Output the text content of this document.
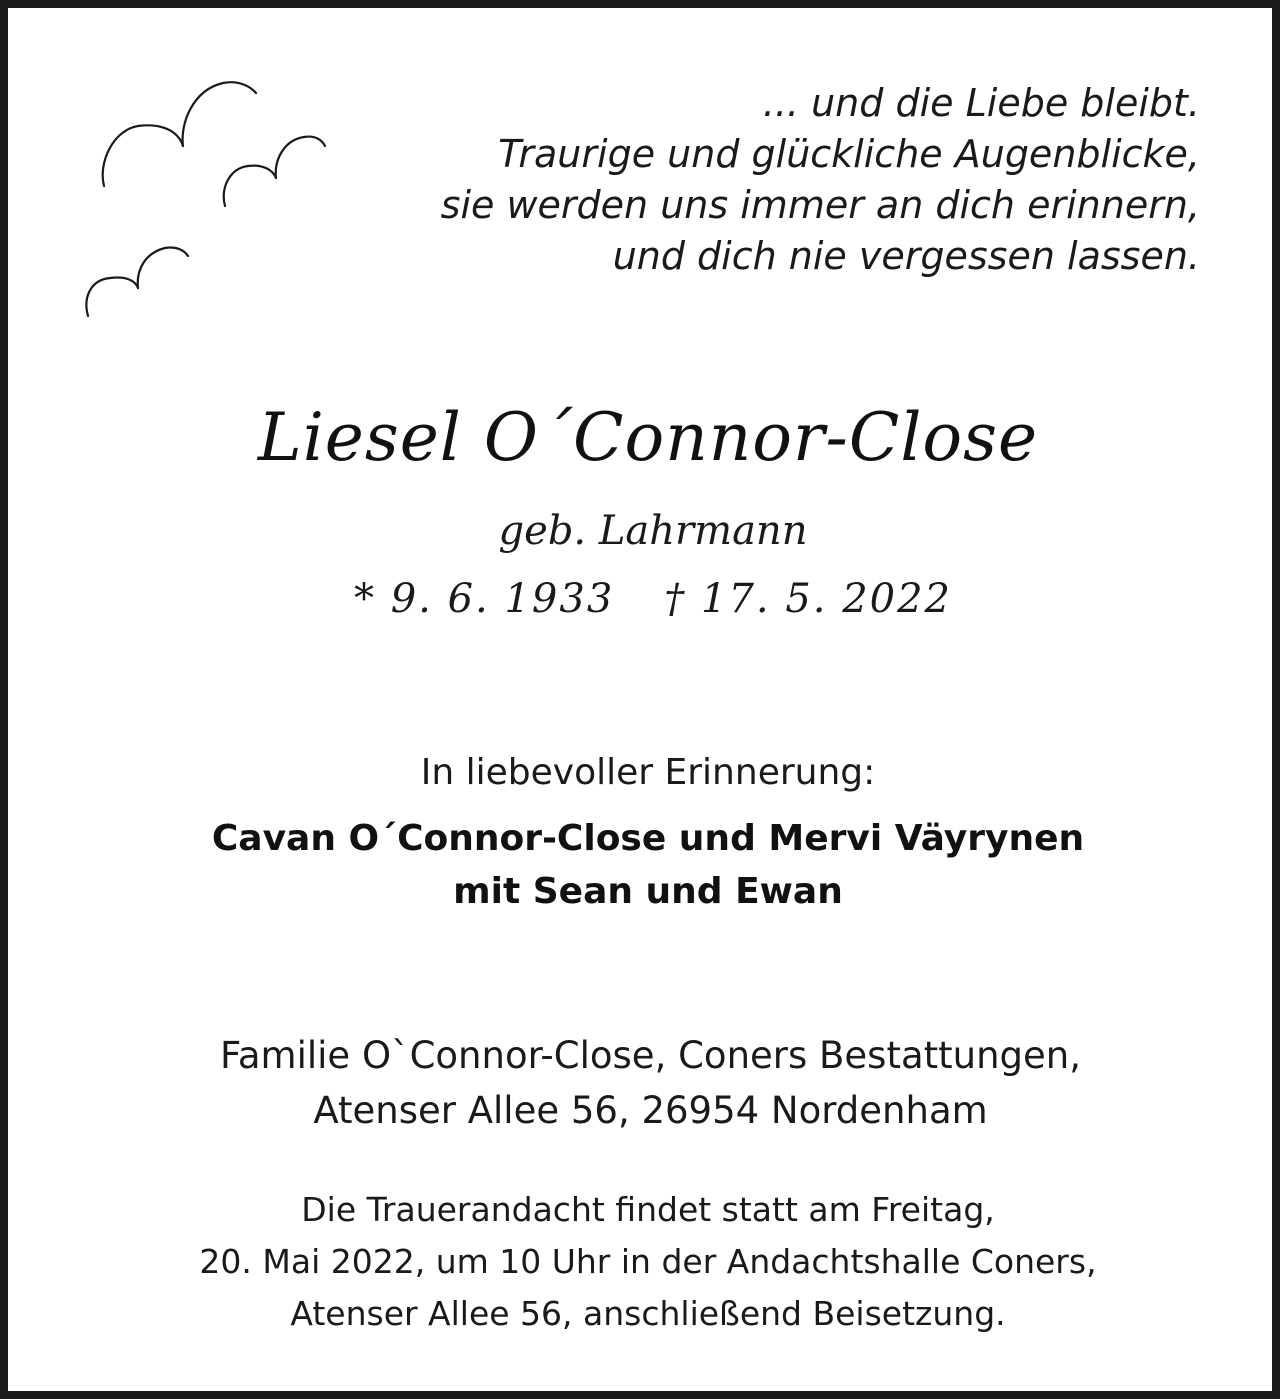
... und die Liebe bleibt.
Traurige und glückliche Augenblicke,
sie werden uns immer an dich erinnern,
und dich nie vergessen lassen.
Liesel O´Connor-Close
geb. Lahrmann
* 9. 6. 1933 † 17. 5. 2022
In liebevoller Erinnerung:
Cavan O´Connor-Close und Mervi Väyrynen
mit Sean und Ewan
Familie O`Connor-Close, Coners Bestattungen,
Atenser Allee 56, 26954 Nordenham
Die Trauerandacht findet statt am Freitag,
20. Mai 2022, um 10 Uhr in der Andachtshalle Coners,
Atenser Allee 56, anschließend Beisetzung.
